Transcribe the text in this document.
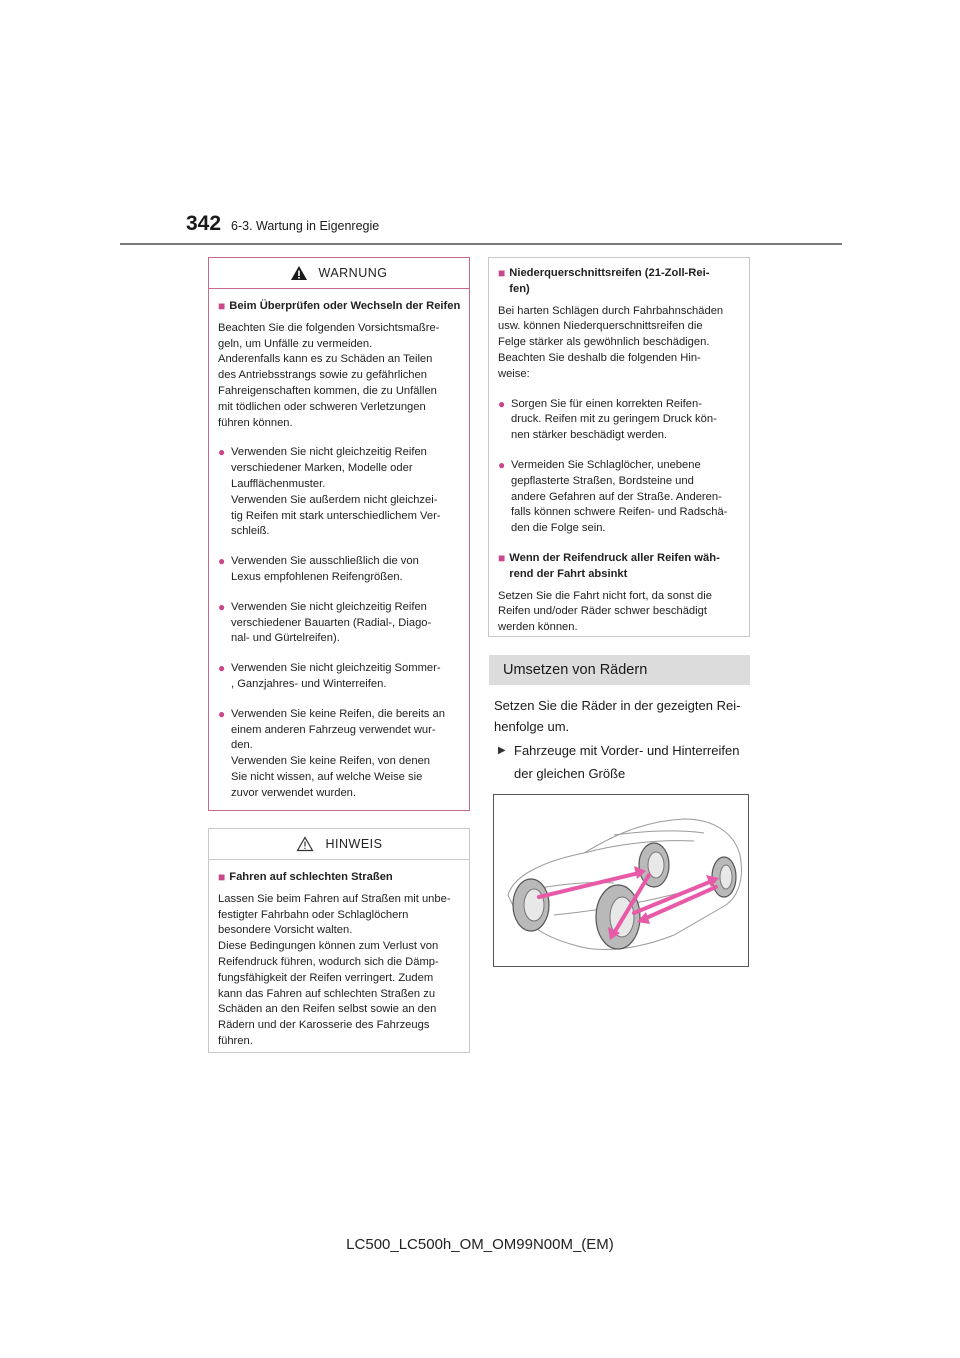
342 6-3. Wartung in Eigenregie
WARNUNG
■ Beim Überprüfen oder Wechseln der Reifen
Beachten Sie die folgenden Vorsichtsmaßre-
geln, um Unfälle zu vermeiden.
Anderenfalls kann es zu Schäden an Teilen
des Antriebsstrangs sowie zu gefährlichen
Fahreigenschaften kommen, die zu Unfällen
mit tödlichen oder schweren Verletzungen
führen können.
● Verwenden Sie nicht gleichzeitig Reifen
verschiedener Marken, Modelle oder
Laufflächenmuster.
Verwenden Sie außerdem nicht gleichzei-
tig Reifen mit stark unterschiedlichem Ver-
schleiß.
● Verwenden Sie ausschließlich die von
Lexus empfohlenen Reifengrößen.
● Verwenden Sie nicht gleichzeitig Reifen
verschiedener Bauarten (Radial-, Diago-
nal- und Gürtelreifen).
● Verwenden Sie nicht gleichzeitig Sommer-
, Ganzjahres- und Winterreifen.
● Verwenden Sie keine Reifen, die bereits an
einem anderen Fahrzeug verwendet wur-
den.
Verwenden Sie keine Reifen, von denen
Sie nicht wissen, auf welche Weise sie
zuvor verwendet wurden.
HINWEIS
■ Fahren auf schlechten Straßen
Lassen Sie beim Fahren auf Straßen mit unbe-
festigter Fahrbahn oder Schlaglöchern
besondere Vorsicht walten.
Diese Bedingungen können zum Verlust von
Reifendruck führen, wodurch sich die Dämp-
fungsfähigkeit der Reifen verringert. Zudem
kann das Fahren auf schlechten Straßen zu
Schäden an den Reifen selbst sowie an den
Rädern und der Karosserie des Fahrzeugs
führen.
■ Niederquerschnittsreifen (21-Zoll-Rei-
fen)
Bei harten Schlägen durch Fahrbahnschäden
usw. können Niederquerschnittsreifen die
Felge stärker als gewöhnlich beschädigen.
Beachten Sie deshalb die folgenden Hin-
weise:
● Sorgen Sie für einen korrekten Reifen-
druck. Reifen mit zu geringem Druck kön-
nen stärker beschädigt werden.
● Vermeiden Sie Schlaglöcher, unebene
gepflasterte Straßen, Bordsteine und
andere Gefahren auf der Straße. Anderen-
falls können schwere Reifen- und Radschä-
den die Folge sein.
■ Wenn der Reifendruck aller Reifen wäh-
rend der Fahrt absinkt
Setzen Sie die Fahrt nicht fort, da sonst die
Reifen und/oder Räder schwer beschädigt
werden können.
Umsetzen von Rädern
Setzen Sie die Räder in der gezeigten Rei-
henfolge um.
▶ Fahrzeuge mit Vorder- und Hinterreifen
der gleichen Größe
LC500_LC500h_OM_OM99N00M_(EM)
